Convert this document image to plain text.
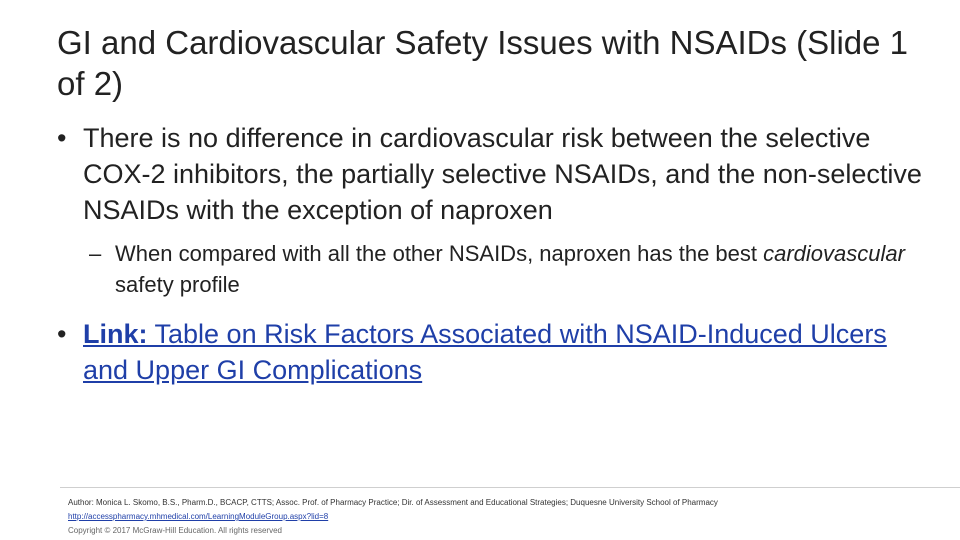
GI and Cardiovascular Safety Issues with NSAIDs (Slide 1 of 2)
• There is no difference in cardiovascular risk between the selective COX-2 inhibitors, the partially selective NSAIDs, and the non-selective NSAIDs with the exception of naproxen
– When compared with all the other NSAIDs, naproxen has the best cardiovascular safety profile
• Link: Table on Risk Factors Associated with NSAID-Induced Ulcers and Upper GI Complications
Author: Monica L. Skomo, B.S., Pharm.D., BCACP, CTTS; Assoc. Prof. of Pharmacy Practice; Dir. of Assessment and Educational Strategies; Duquesne University School of Pharmacy
http://accesspharmacy.mhmedical.com/LearningModuleGroup.aspx?lid=8
Copyright © 2017 McGraw-Hill Education. All rights reserved
